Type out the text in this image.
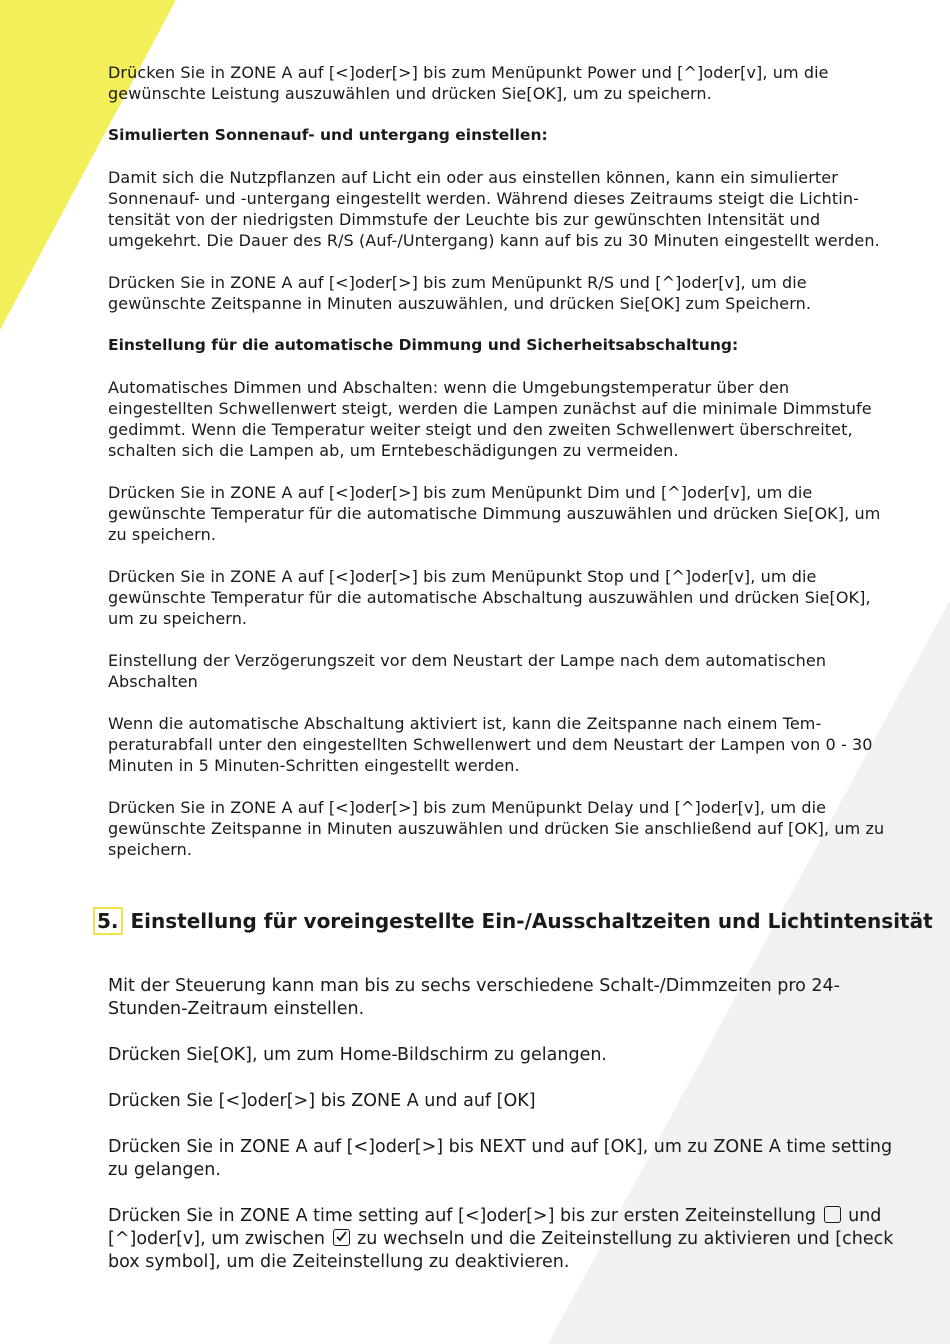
Drücken Sie in ZONE A auf [<]oder[>] bis zum Menüpunkt Power und [^]oder[v], um die gewünschte Leistung auszuwählen und drücken Sie[OK], um zu speichern.

Simulierten Sonnenauf- und untergang einstellen:

Damit sich die Nutzpflanzen auf Licht ein oder aus einstellen können, kann ein simulierter Sonnenauf- und -untergang eingestellt werden. Während dieses Zeitraums steigt die Lichtin-tensität von der niedrigsten Dimmstufe der Leuchte bis zur gewünschten Intensität und umgekehrt. Die Dauer des R/S (Auf-/Untergang) kann auf bis zu 30 Minuten eingestellt werden.

Drücken Sie in ZONE A auf [<]oder[>] bis zum Menüpunkt R/S und [^]oder[v], um die gewünschte Zeitspanne in Minuten auszuwählen, und drücken Sie[OK] zum Speichern.

Einstellung für die automatische Dimmung und Sicherheitsabschaltung:

Automatisches Dimmen und Abschalten: wenn die Umgebungstemperatur über den eingestellten Schwellenwert steigt, werden die Lampen zunächst auf die minimale Dimmstufe gedimmt. Wenn die Temperatur weiter steigt und den zweiten Schwellenwert überschreitet, schalten sich die Lampen ab, um Erntebeschädigungen zu vermeiden.

Drücken Sie in ZONE A auf [<]oder[>] bis zum Menüpunkt Dim und [^]oder[v], um die gewünschte Temperatur für die automatische Dimmung auszuwählen und drücken Sie[OK], um zu speichern.

Drücken Sie in ZONE A auf [<]oder[>] bis zum Menüpunkt Stop und [^]oder[v], um die gewünschte Temperatur für die automatische Abschaltung auszuwählen und drücken Sie[OK], um zu speichern.

Einstellung der Verzögerungszeit vor dem Neustart der Lampe nach dem automatischen Abschalten

Wenn die automatische Abschaltung aktiviert ist, kann die Zeitspanne nach einem Tem-peraturabfall unter den eingestellten Schwellenwert und dem Neustart der Lampen von 0 - 30 Minuten in 5 Minuten-Schritten eingestellt werden.

Drücken Sie in ZONE A auf [<]oder[>] bis zum Menüpunkt Delay und [^]oder[v], um die gewünschte Zeitspanne in Minuten auszuwählen und drücken Sie anschließend auf [OK], um zu speichern.

5. Einstellung für voreingestellte Ein-/Ausschaltzeiten und Lichtintensität

Mit der Steuerung kann man bis zu sechs verschiedene Schalt-/Dimmzeiten pro 24-Stunden-Zeitraum einstellen.

Drücken Sie[OK], um zum Home-Bildschirm zu gelangen.

Drücken Sie [<]oder[>] bis ZONE A und auf [OK]

Drücken Sie in ZONE A auf [<]oder[>] bis NEXT und auf [OK], um zu ZONE A time setting zu gelangen.

Drücken Sie in ZONE A time setting auf [<]oder[>] bis zur ersten Zeiteinstellung  und [^]oder[v], um zwischen
zu wechseln und die Zeiteinstellung zu aktivieren und [check box symbol], um die Zeiteinstellung zu deaktivieren.
